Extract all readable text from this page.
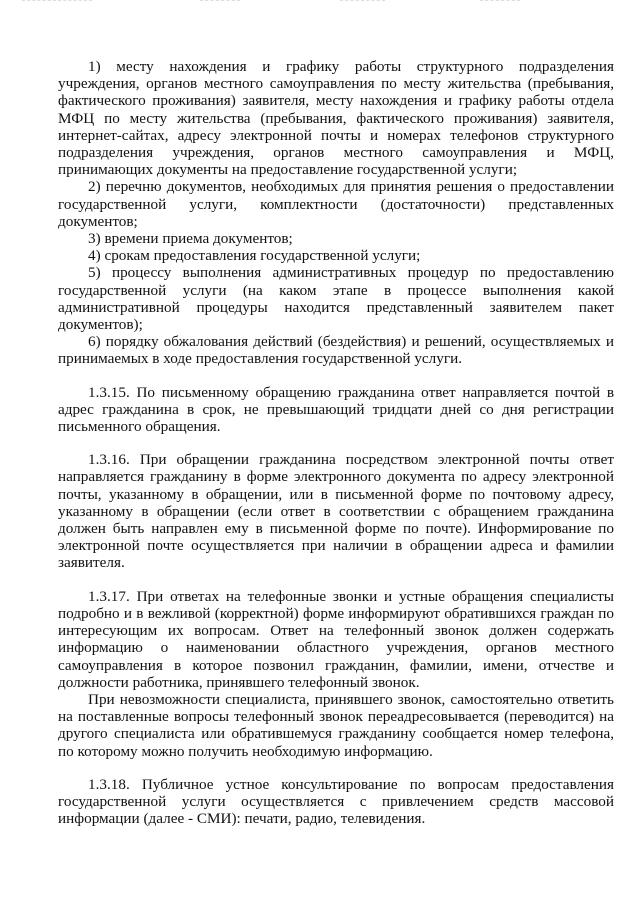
1) месту нахождения и графику работы структурного подразделения учреждения, органов местного самоуправления по месту жительства (пребывания, фактического проживания) заявителя, месту нахождения и графику работы отдела МФЦ по месту жительства (пребывания, фактического проживания) заявителя, интернет-сайтах, адресу электронной почты и номерах телефонов структурного подразделения учреждения, органов местного самоуправления и МФЦ, принимающих документы на предоставление государственной услуги;

2) перечню документов, необходимых для принятия решения о предоставлении государственной услуги, комплектности (достаточности) представленных документов;

3) времени приема документов;

4) срокам предоставления государственной услуги;

5) процессу выполнения административных процедур по предоставлению государственной услуги (на каком этапе в процессе выполнения какой административной процедуры находится представленный заявителем пакет документов);

6) порядку обжалования действий (бездействия) и решений, осуществляемых и принимаемых в ходе предоставления государственной услуги.

1.3.15. По письменному обращению гражданина ответ направляется почтой в адрес гражданина в срок, не превышающий тридцати дней со дня регистрации письменного обращения.

1.3.16. При обращении гражданина посредством электронной почты ответ направляется гражданину в форме электронного документа по адресу электронной почты, указанному в обращении, или в письменной форме по почтовому адресу, указанному в обращении (если ответ в соответствии с обращением гражданина должен быть направлен ему в письменной форме по почте). Информирование по электронной почте осуществляется при наличии в обращении адреса и фамилии заявителя.

1.3.17. При ответах на телефонные звонки и устные обращения специалисты подробно и в вежливой (корректной) форме информируют обратившихся граждан по интересующим их вопросам. Ответ на телефонный звонок должен содержать информацию о наименовании областного учреждения, органов местного самоуправления в которое позвонил гражданин, фамилии, имени, отчестве и должности работника, принявшего телефонный звонок.

При невозможности специалиста, принявшего звонок, самостоятельно ответить на поставленные вопросы телефонный звонок переадресовывается (переводится) на другого специалиста или обратившемуся гражданину сообщается номер телефона, по которому можно получить необходимую информацию.

1.3.18. Публичное устное консультирование по вопросам предоставления государственной услуги осуществляется с привлечением средств массовой информации (далее - СМИ): печати, радио, телевидения.
